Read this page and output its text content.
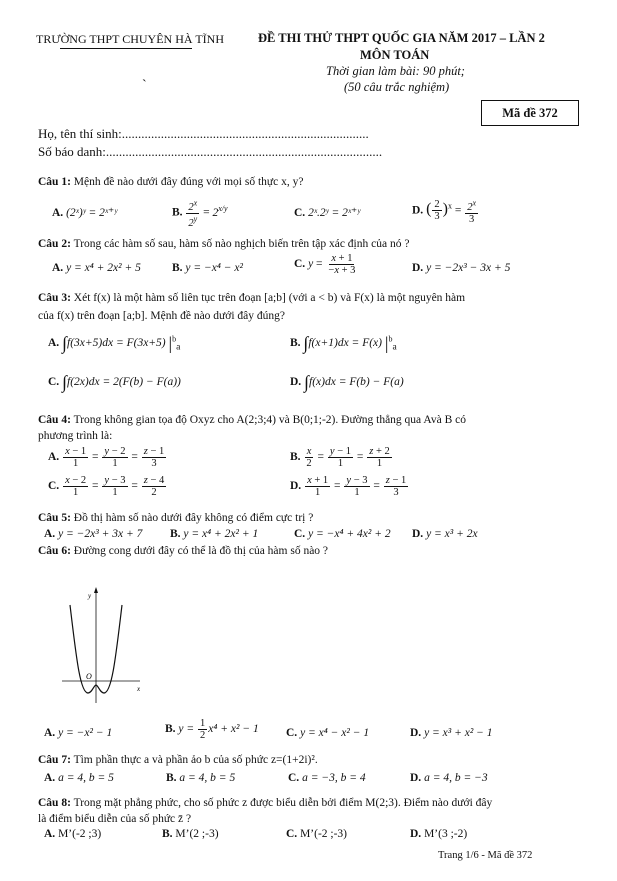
TRƯỜNG THPT CHUYÊN HÀ TĨNH	ĐỀ THI THỬ THPT QUỐC GIA NĂM 2017 – LẦN 2
MÔN TOÁN
Thời gian làm bài: 90 phút;
(50 câu trắc nghiệm)
Mã đề 372
˴
Họ, tên thí sinh:............................................................................
Số báo danh:.....................................................................................
Câu 1: Mệnh đề nào dưới đây đúng với mọi số thực x, y?
A. (2ˣ)ʸ = 2ˣ⁺ʸ	B. $\frac{2^x}{2^y} = 2^{x/y}$	C. 2ˣ.2ʸ = 2ˣ⁺ʸ	D. ( $\frac{2}{3} )^x = \frac{2^x}{3}$
Câu 2: Trong các hàm số sau, hàm số nào nghịch biến trên tập xác định của nó ?
A. y = x⁴ + 2x² + 5	B. y = −x⁴ − x²	C. $y = \frac{x + 1}{-x + 3}$	D. y = −2x³ − 3x + 5
Câu 3: Xét f(x) là một hàm số liên tục trên đoạn [a;b] (với a < b) và F(x) là một nguyên hàm
của f(x) trên đoạn [a;b]. Mệnh đề nào dưới đây đúng?
A. ∫f(3x+5)dx = F(3x+5) $|^b_a$	B. ∫f(x+1)dx = F(x) $|^b_a$
C. ∫f(2x)dx = 2(F(b) − F(a))	D. ∫f(x)dx = F(b) − F(a)
Câu 4: Trong không gian tọa độ Oxyz cho A(2;3;4) và B(0;1;-2). Đường thẳng qua Avà B có
phương trình là:
A. $\frac{x - 1}{1} = \frac{y - 2}{1} = \frac{z - 1}{3}$	B. $\frac{x}{2} = \frac{y - 1}{1} = \frac{z + 2}{1}$
C. $\frac{x - 2}{1} = \frac{y - 3}{1} = \frac{z - 4}{2}$	D. $\frac{x + 1}{1} = \frac{y - 3}{1} = \frac{z - 1}{3}$
Câu 5: Đồ thị hàm số nào dưới đây không có điểm cực trị ?
A. y = −2x³ + 3x + 7 B. y = x⁴ + 2x² + 1	C. y = −x⁴ + 4x² + 2 D. y = x³ + 2x
Câu 6: Đường cong dưới đây có thể là đồ thị của hàm số nào ?
y
x
O
A. y = −x² − 1	B. $y = \frac{1}{2} x^4 + x^2 - 1$ C. y = x⁴ − x² − 1	D. y = x³ + x² − 1
Câu 7: Tìm phần thực a và phần ảo b của số phức z=(1+2i)².
A. a = 4, b = 5	B. a = 4, b = 5	C. a = −3, b = 4	D. a = 4, b = −3
Câu 8: Trong mặt phẳng phức, cho số phức z được biểu diễn bởi điểm M(2;3). Điểm nào dưới đây
là điểm biểu diễn của số phức z̄ ?
A. M’(-2 ;3)	B. M’(2 ;-3)	C. M’(-2 ;-3)	D. M’(3 ;-2)
Trang 1/6 - Mã đề 372
